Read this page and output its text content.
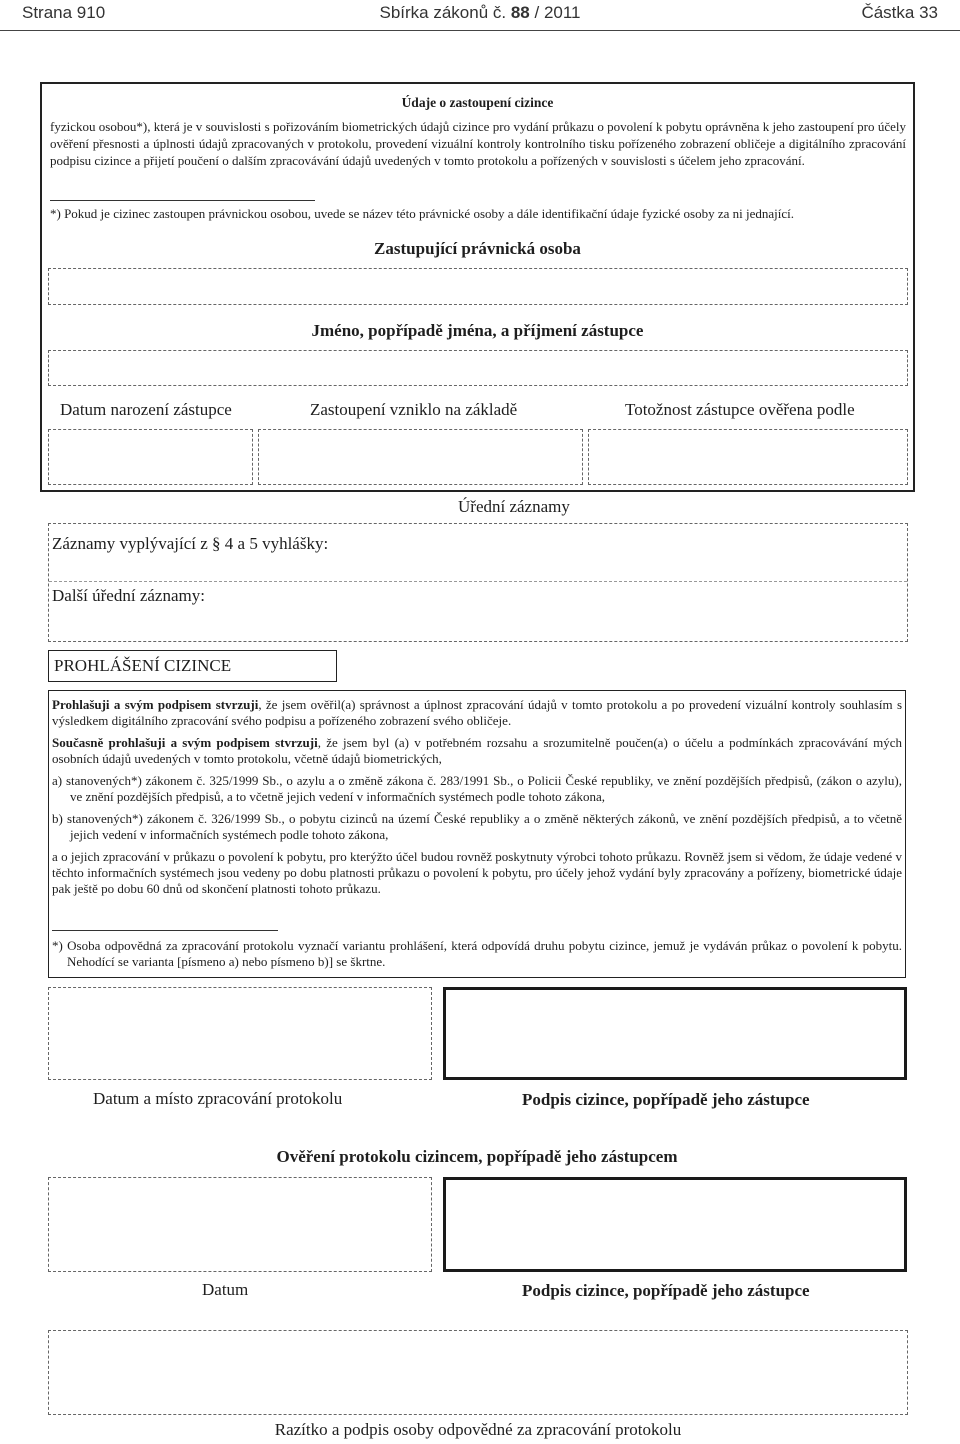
Strana 910	Sbírka zákonů č. 88 / 2011	Částka 33
Údaje o zastoupení cizince
fyzickou osobou*), která je v souvislosti s pořizováním biometrických údajů cizince pro vydání průkazu o povolení k pobytu oprávněna k jeho zastoupení pro účely ověření přesnosti a úplnosti údajů zpracovaných v protokolu, provedení vizuální kontroly kontrolního tisku pořízeného zobrazení obličeje a digitálního zpracování podpisu cizince a přijetí poučení o dalším zpracovávání údajů uvedených v tomto protokolu a pořízených v souvislosti s účelem jeho zpracování.
*) Pokud je cizinec zastoupen právnickou osobou, uvede se název této právnické osoby a dále identifikační údaje fyzické osoby za ni jednající.
Zastupující právnická osoba
Jméno, popřípadě jména, a příjmení zástupce
Datum narození zástupce	Zastoupení vzniklo na základě	Totožnost zástupce ověřena podle
Úřední záznamy
Záznamy vyplývající z § 4 a 5 vyhlášky:
Další úřední záznamy:
PROHLÁŠENÍ CIZINCE

Prohlašuji a svým podpisem stvrzuji, že jsem ověřil(a) správnost a úplnost zpracování údajů v tomto protokolu a po provedení vizuální kontroly souhlasím s výsledkem digitálního zpracování svého podpisu a pořízeného zobrazení svého obličeje.

Současně prohlašuji a svým podpisem stvrzuji, že jsem byl (a) v potřebném rozsahu a srozumitelně poučen(a) o účelu a podmínkách zpracovávání mých osobních údajů uvedených v tomto protokolu, včetně údajů biometrických,

a) stanovených*) zákonem č. 325/1999 Sb., o azylu a o změně zákona č. 283/1991 Sb., o Policii České republiky, ve znění pozdějších předpisů, (zákon o azylu), ve znění pozdějších předpisů, a to včetně jejich vedení v informačních systémech podle tohoto zákona,

b) stanovených*) zákonem č. 326/1999 Sb., o pobytu cizinců na území České republiky a o změně některých zákonů, ve znění pozdějších předpisů, a to včetně jejich vedení v informačních systémech podle tohoto zákona,

a o jejich zpracování v průkazu o povolení k pobytu, pro kterýžto účel budou rovněž poskytnuty výrobci tohoto průkazu. Rovněž jsem si vědom, že údaje vedené v těchto informačních systémech jsou vedeny po dobu platnosti průkazu o povolení k pobytu, pro účely jehož vydání byly zpracovány a pořízeny, biometrické údaje pak ještě po dobu 60 dnů od skončení platnosti tohoto průkazu.

*) Osoba odpovědná za zpracování protokolu vyznačí variantu prohlášení, která odpovídá druhu pobytu cizince, jemuž je vydáván průkaz o povolení k pobytu. Nehodící se varianta [písmeno a) nebo písmeno b)] se škrtne.
Datum a místo zpracování protokolu	Podpis cizince, popřípadě jeho zástupce
Ověření protokolu cizincem, popřípadě jeho zástupcem
Datum	Podpis cizince, popřípadě jeho zástupce
Razítko a podpis osoby odpovědné za zpracování protokolu
